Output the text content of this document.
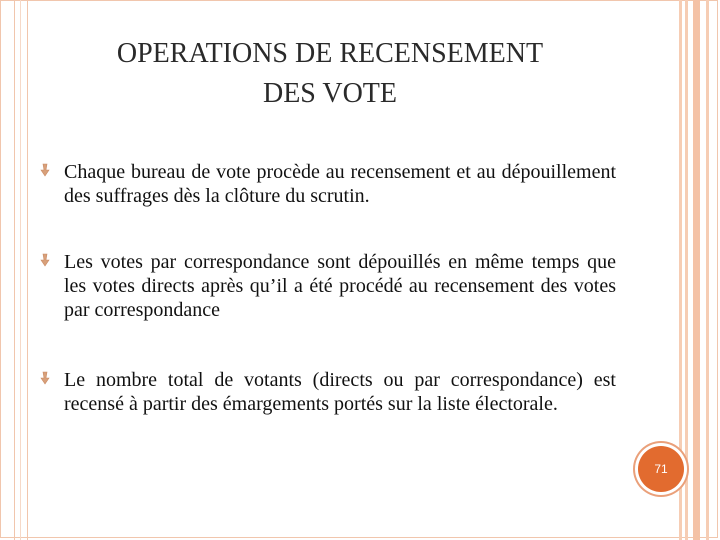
OPERATIONS DE RECENSEMENT
DES VOTE
Chaque bureau de vote procède au recensement et au dépouillement des suffrages dès la clôture du scrutin.
Les votes par correspondance sont dépouillés en même temps que les votes directs après qu’il a été procédé au recensement des votes par correspondance
Le nombre total de votants (directs ou par correspondance) est recensé à partir des émargements portés sur la liste électorale.
71
